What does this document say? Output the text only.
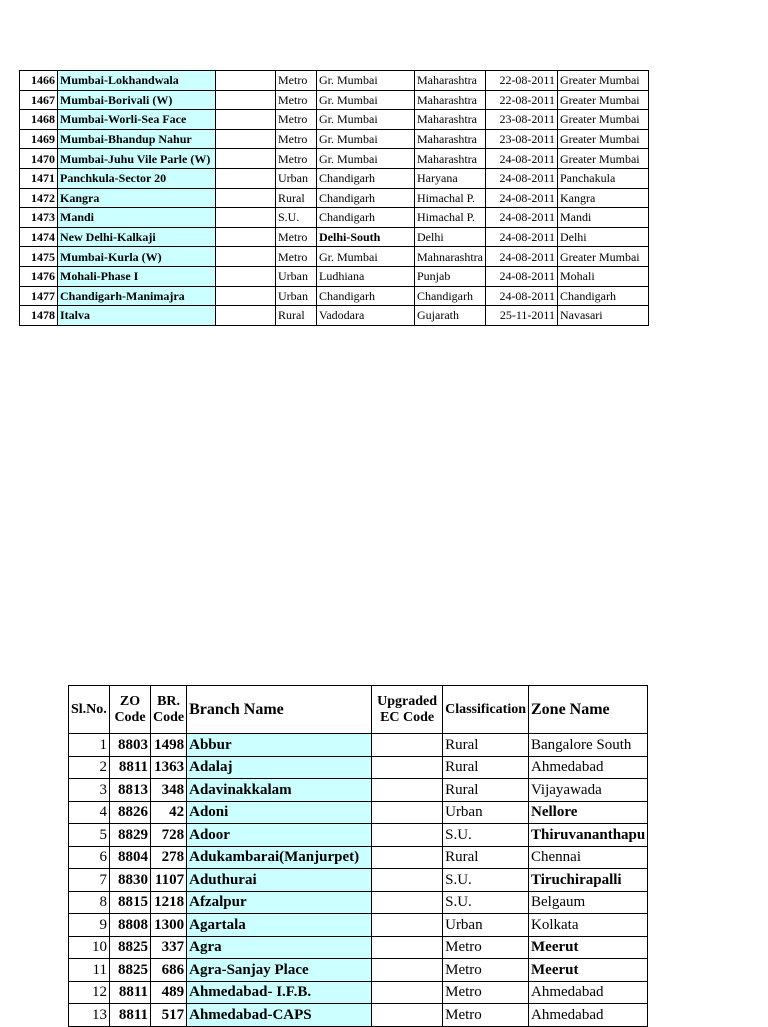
1466	Mumbai-Lokhandwala		Metro	Gr. Mumbai	Maharashtra	22-08-2011	Greater Mumbai
1467	Mumbai-Borivali (W)		Metro	Gr. Mumbai	Maharashtra	22-08-2011	Greater Mumbai
1468	Mumbai-Worli-Sea Face		Metro	Gr. Mumbai	Maharashtra	23-08-2011	Greater Mumbai
1469	Mumbai-Bhandup Nahur		Metro	Gr. Mumbai	Maharashtra	23-08-2011	Greater Mumbai
1470	Mumbai-Juhu Vile Parle (W)		Metro	Gr. Mumbai	Maharashtra	24-08-2011	Greater Mumbai
1471	Panchkula-Sector 20		Urban	Chandigarh	Haryana	24-08-2011	Panchakula
1472	Kangra		Rural	Chandigarh	Himachal P.	24-08-2011	Kangra
1473	Mandi		S.U.	Chandigarh	Himachal P.	24-08-2011	Mandi
1474	New Delhi-Kalkaji		Metro	Delhi-South	Delhi	24-08-2011	Delhi
1475	Mumbai-Kurla (W)		Metro	Gr. Mumbai	Mahnarashtra	24-08-2011	Greater Mumbai
1476	Mohali-Phase I		Urban	Ludhiana	Punjab	24-08-2011	Mohali
1477	Chandigarh-Manimajra		Urban	Chandigarh	Chandigarh	24-08-2011	Chandigarh
1478	Italva		Rural	Vadodara	Gujarath	25-11-2011	Navasari
Sl.No.	ZO Code	BR. Code	Branch Name	Upgraded EC Code	Classification	Zone Name
1	8803	1498	Abbur		Rural	Bangalore South
2	8811	1363	Adalaj		Rural	Ahmedabad
3	8813	348	Adavinakkalam		Rural	Vijayawada
4	8826	42	Adoni		Urban	Nellore
5	8829	728	Adoor		S.U.	Thiruvananthapu
6	8804	278	Adukambarai(Manjurpet)		Rural	Chennai
7	8830	1107	Aduthurai		S.U.	Tiruchirapalli
8	8815	1218	Afzalpur		S.U.	Belgaum
9	8808	1300	Agartala		Urban	Kolkata
10	8825	337	Agra		Metro	Meerut
11	8825	686	Agra-Sanjay Place		Metro	Meerut
12	8811	489	Ahmedabad- I.F.B.		Metro	Ahmedabad
13	8811	517	Ahmedabad-CAPS		Metro	Ahmedabad
